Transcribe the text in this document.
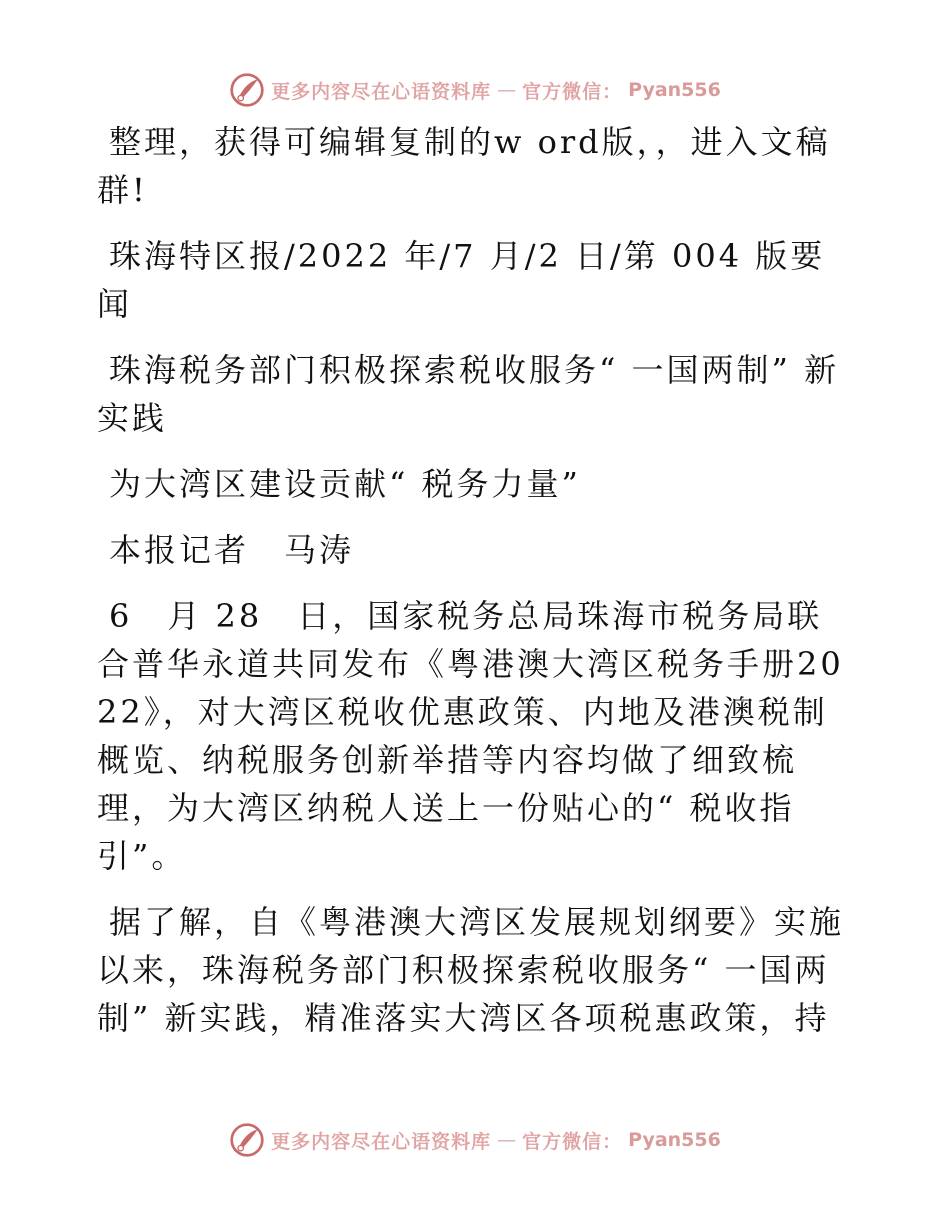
更多内容尽在心语资料库 — 官方微信： Pyan556

整理，获得可编辑复制的w ord版，，进入文稿群!

珠海特区报/2022 年/7 月/2 日/第 004 版要闻

珠海税务部门积极探索税收服务“ 一国两制” 新实践

为大湾区建设贡献“ 税务力量”

本报记者　马涛

6　月 28　日，国家税务总局珠海市税务局联合普华永道共同发布《粤港澳大湾区税务手册2022》，对大湾区税收优惠政策、内地及港澳税制概览、纳税服务创新举措等内容均做了细致梳理，为大湾区纳税人送上一份贴心的“ 税收指引”。

据了解，自《粤港澳大湾区发展规划纲要》实施以来，珠海税务部门积极探索税收服务“ 一国两制” 新实践，精准落实大湾区各项税惠政策，持

更多内容尽在心语资料库 — 官方微信： Pyan556
